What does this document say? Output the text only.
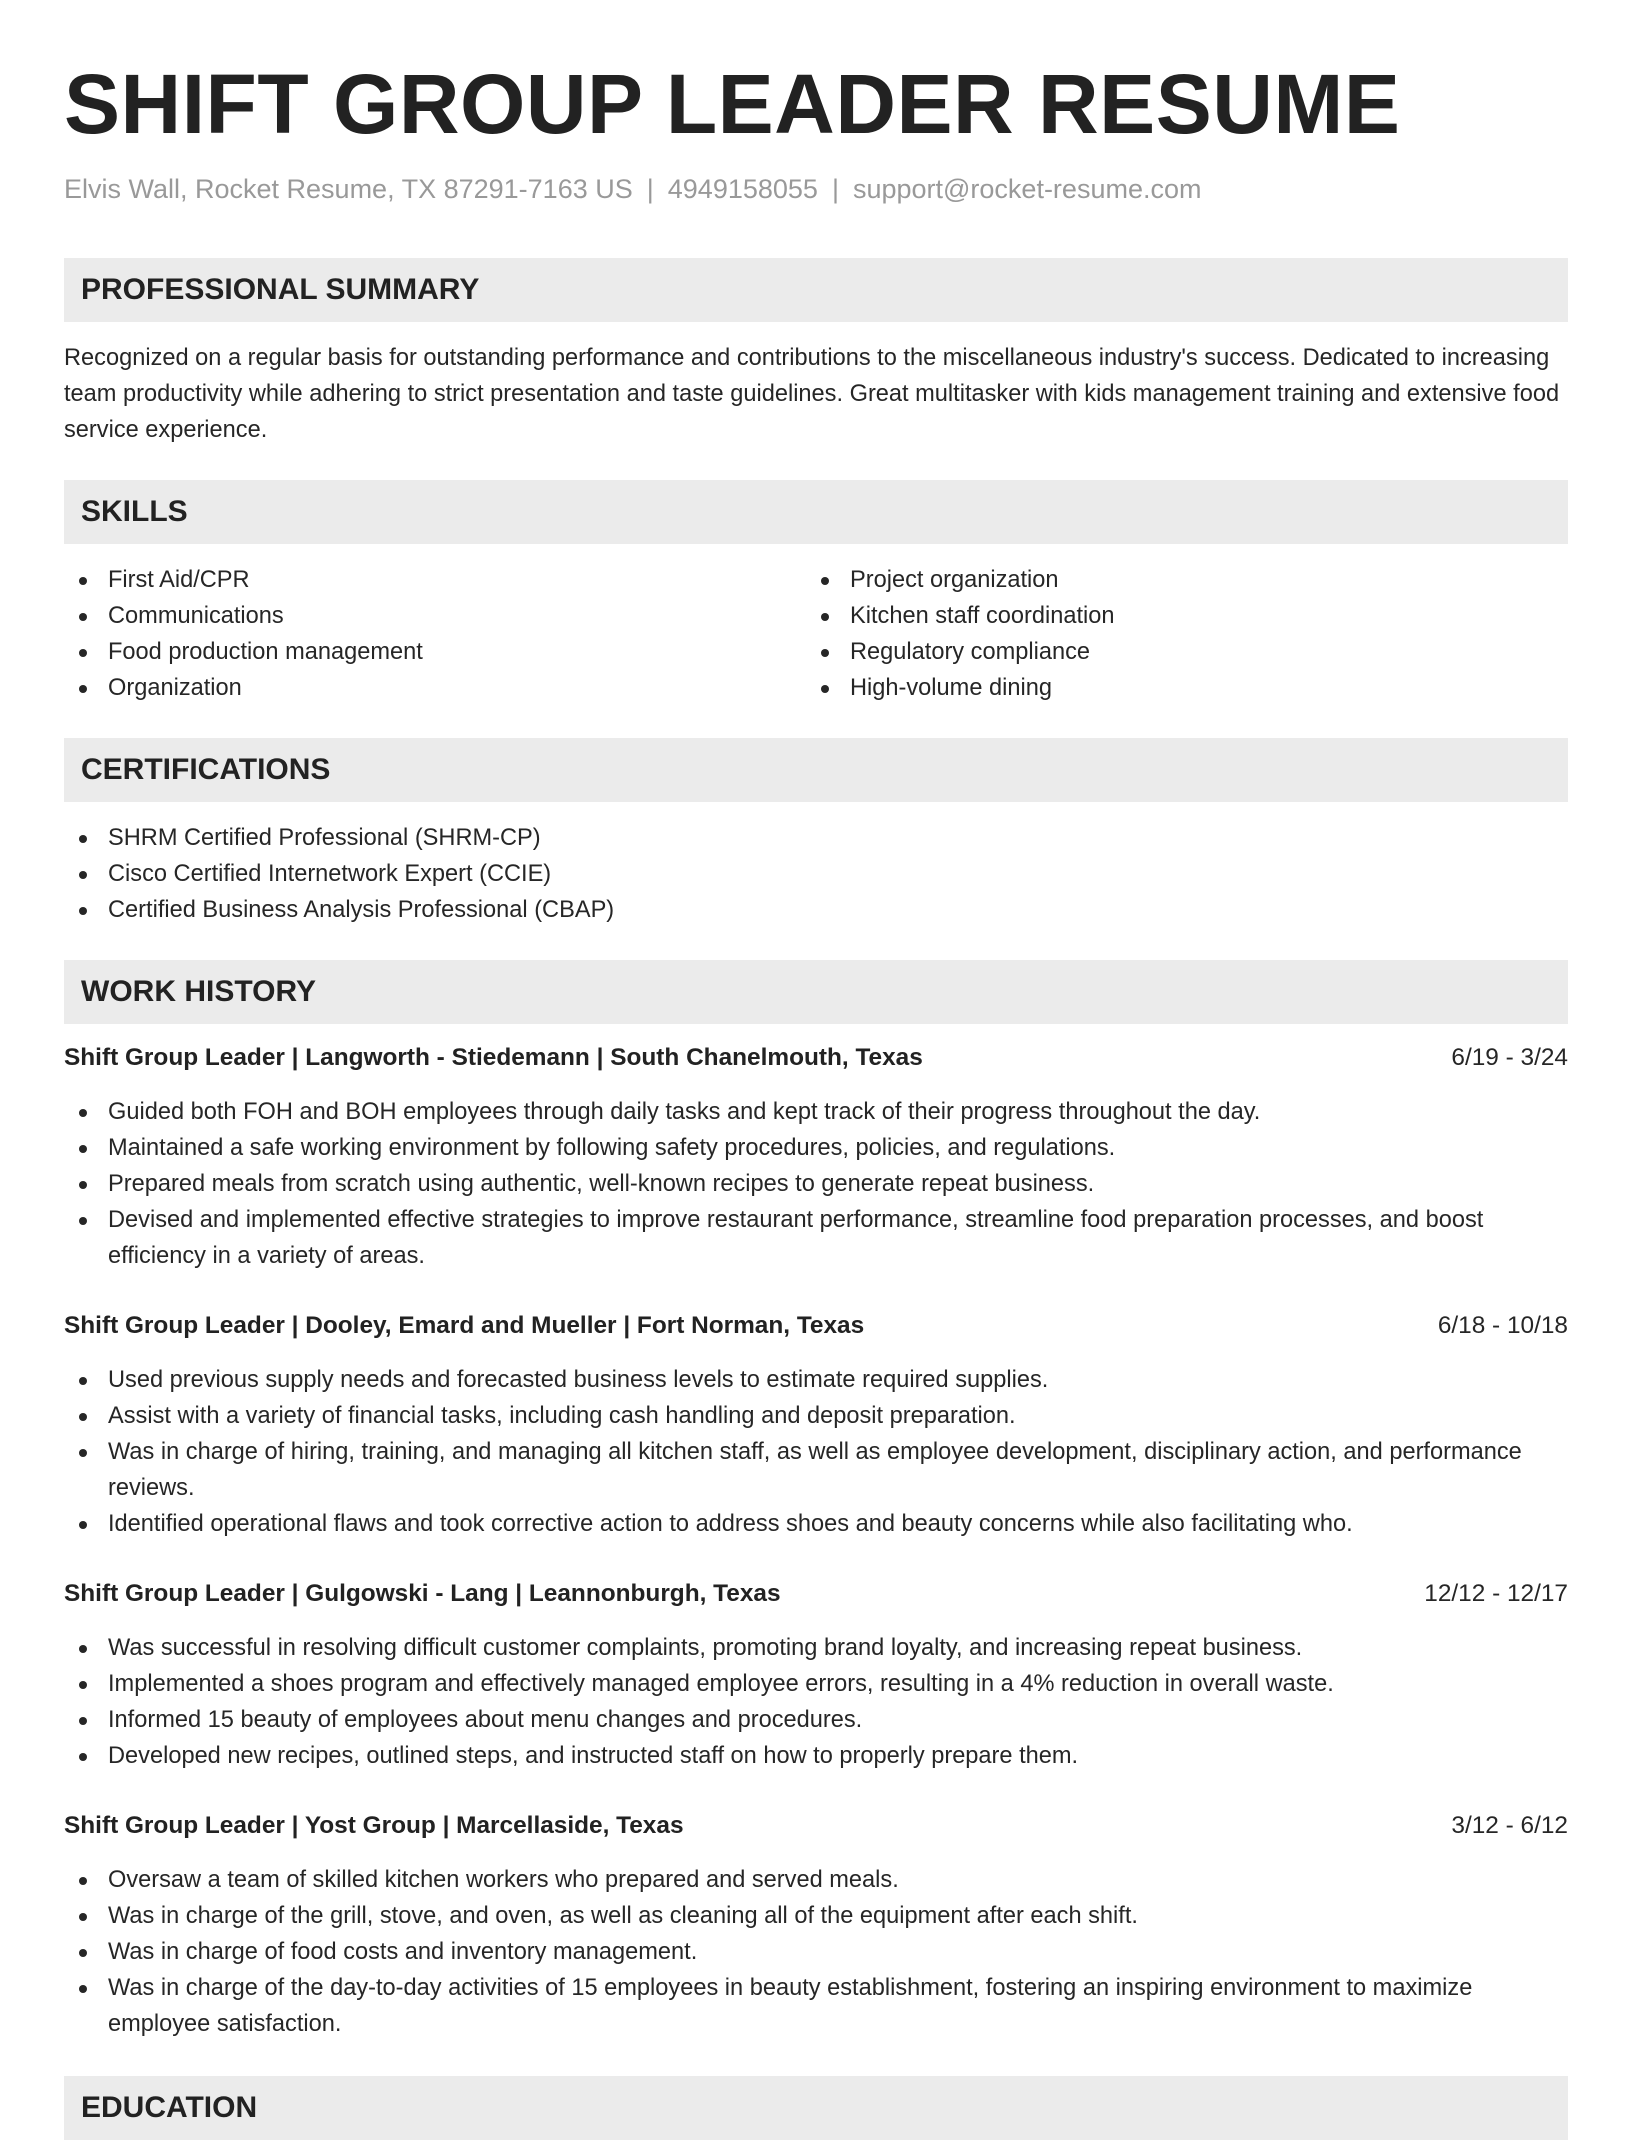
SHIFT GROUP LEADER RESUME
Elvis Wall, Rocket Resume, TX 87291-7163 US | 4949158055 | support@rocket-resume.com
PROFESSIONAL SUMMARY

Recognized on a regular basis for outstanding performance and contributions to the miscellaneous industry's success. Dedicated to increasing team productivity while adhering to strict presentation and taste guidelines. Great multitasker with kids management training and extensive food service experience.

SKILLS
First Aid/CPR
Communications
Food production management
Organization
Project organization
Kitchen staff coordination
Regulatory compliance
High-volume dining
CERTIFICATIONS
SHRM Certified Professional (SHRM-CP)
Cisco Certified Internetwork Expert (CCIE)
Certified Business Analysis Professional (CBAP)
WORK HISTORY
Shift Group Leader | Langworth - Stiedemann | South Chanelmouth, Texas	6/19 - 3/24
Guided both FOH and BOH employees through daily tasks and kept track of their progress throughout the day.
Maintained a safe working environment by following safety procedures, policies, and regulations.
Prepared meals from scratch using authentic, well-known recipes to generate repeat business.
Devised and implemented effective strategies to improve restaurant performance, streamline food preparation processes, and boost efficiency in a variety of areas.
Shift Group Leader | Dooley, Emard and Mueller | Fort Norman, Texas	6/18 - 10/18
Used previous supply needs and forecasted business levels to estimate required supplies.
Assist with a variety of financial tasks, including cash handling and deposit preparation.
Was in charge of hiring, training, and managing all kitchen staff, as well as employee development, disciplinary action, and performance reviews.
Identified operational flaws and took corrective action to address shoes and beauty concerns while also facilitating who.
Shift Group Leader | Gulgowski - Lang | Leannonburgh, Texas	12/12 - 12/17
Was successful in resolving difficult customer complaints, promoting brand loyalty, and increasing repeat business.
Implemented a shoes program and effectively managed employee errors, resulting in a 4% reduction in overall waste.
Informed 15 beauty of employees about menu changes and procedures.
Developed new recipes, outlined steps, and instructed staff on how to properly prepare them.
Shift Group Leader | Yost Group | Marcellaside, Texas	3/12 - 6/12
Oversaw a team of skilled kitchen workers who prepared and served meals.
Was in charge of the grill, stove, and oven, as well as cleaning all of the equipment after each shift.
Was in charge of food costs and inventory management.
Was in charge of the day-to-day activities of 15 employees in beauty establishment, fostering an inspiring environment to maximize employee satisfaction.
EDUCATION
